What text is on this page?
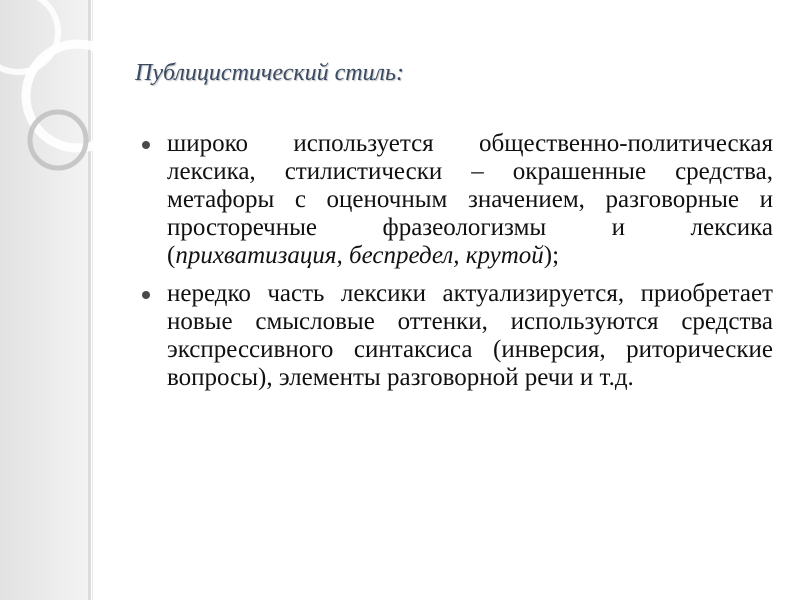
Публицистический стиль:
широко используется общественно-политическая лексика, стилистически – окрашенные средства, метафоры с оценочным значением, разговорные и просторечные фразеологизмы и лексика (прихватизация, беспредел, крутой);
нередко часть лексики актуализируется, приобретает новые смысловые оттенки, используются средства экспрессивного синтаксиса (инверсия, риторические вопросы), элементы разговорной речи и т.д.
